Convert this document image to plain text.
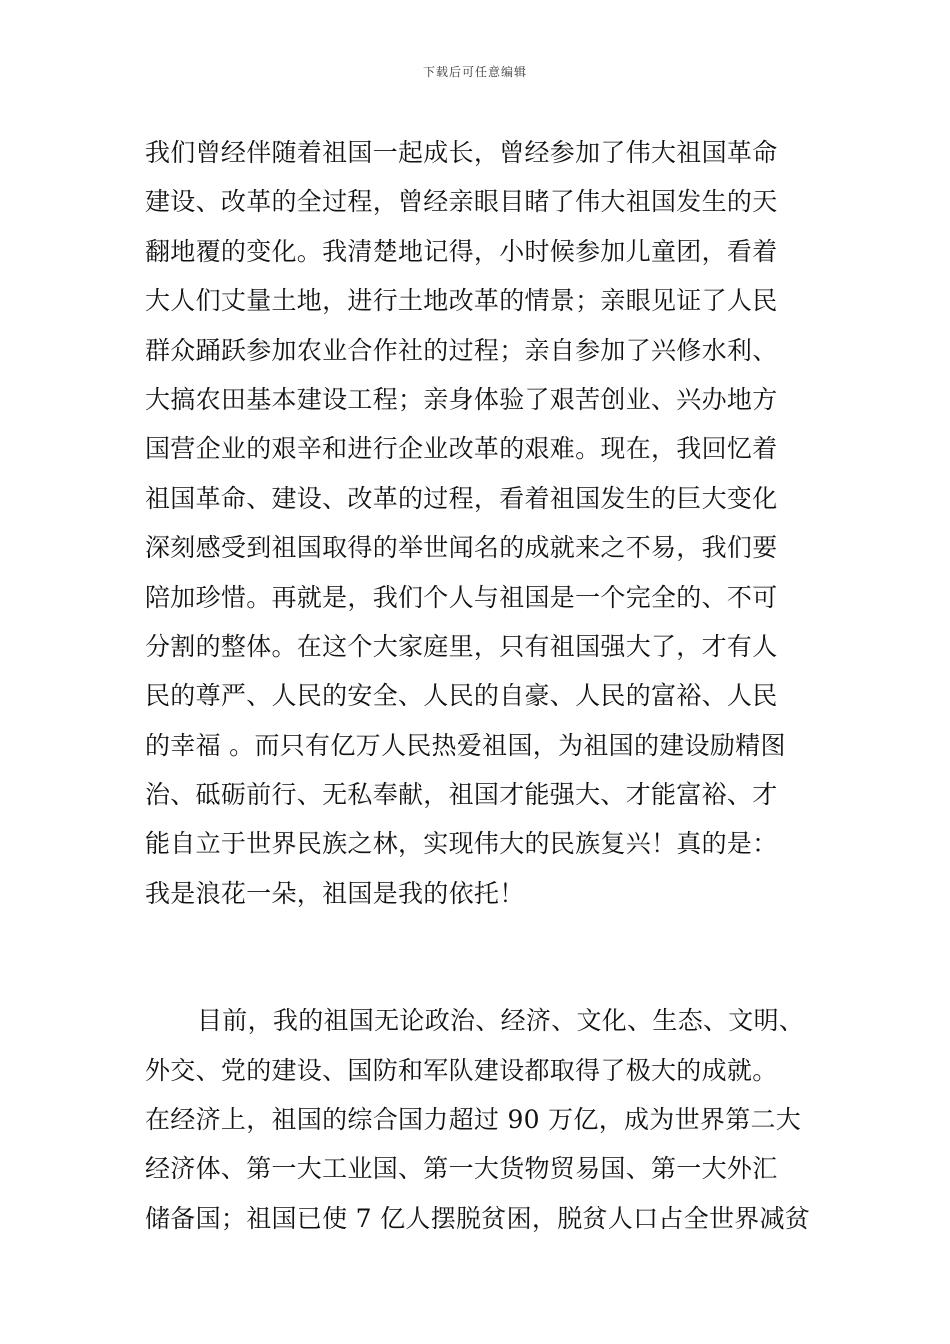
下载后可任意编辑
我们曾经伴随着祖国一起成长，曾经参加了伟大祖国革命
建设、改革的全过程，曾经亲眼目睹了伟大祖国发生的天
翻地覆的变化。我清楚地记得，小时候参加儿童团，看着
大人们丈量土地，进行土地改革的情景；亲眼见证了人民
群众踊跃参加农业合作社的过程；亲自参加了兴修水利、
大搞农田基本建设工程；亲身体验了艰苦创业、兴办地方
国营企业的艰辛和进行企业改革的艰难。现在，我回忆着
祖国革命、建设、改革的过程，看着祖国发生的巨大变化
深刻感受到祖国取得的举世闻名的成就来之不易，我们要
陪加珍惜。再就是，我们个人与祖国是一个完全的、不可
分割的整体。在这个大家庭里，只有祖国强大了，才有人
民的尊严、人民的安全、人民的自豪、人民的富裕、人民
的幸福 。而只有亿万人民热爱祖国，为祖国的建设励精图
治、砥砺前行、无私奉献，祖国才能强大、才能富裕、才
能自立于世界民族之林，实现伟大的民族复兴！真的是：
我是浪花一朵，祖国是我的依托！
目前，我的祖国无论政治、经济、文化、生态、文明、
外交、党的建设、国防和军队建设都取得了极大的成就。
在经济上，祖国的综合国力超过 90 万亿，成为世界第二大
经济体、第一大工业国、第一大货物贸易国、第一大外汇
储备国；祖国已使 7 亿人摆脱贫困，脱贫人口占全世界减贫
